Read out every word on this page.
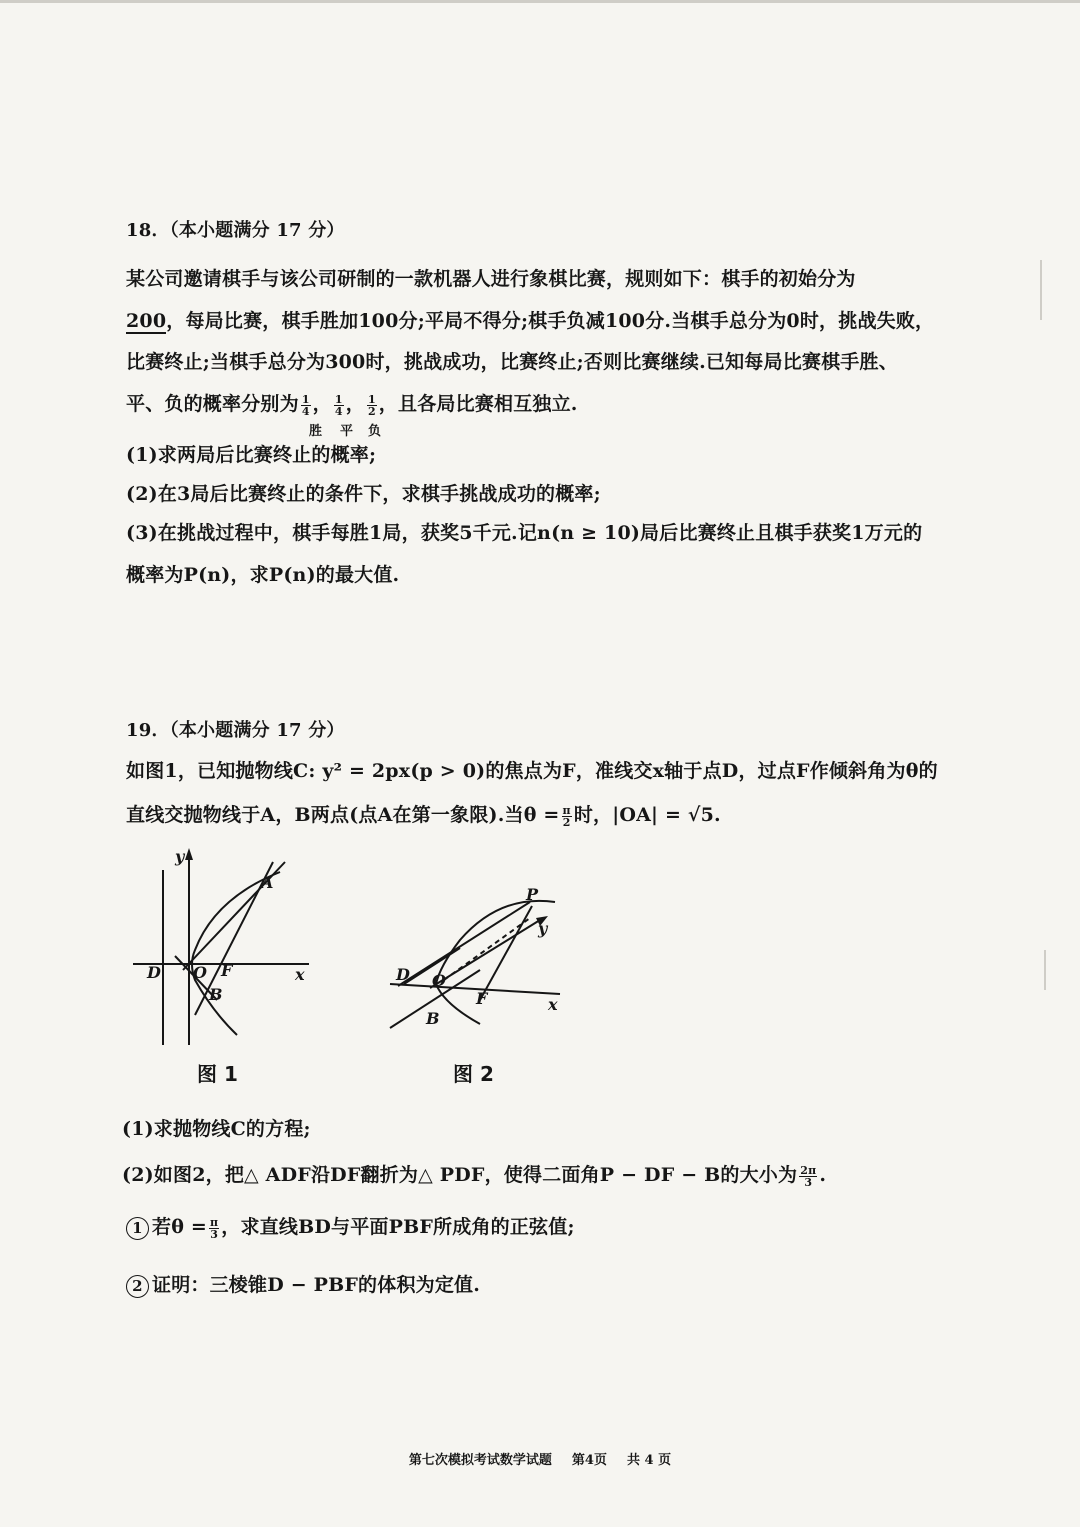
18．（本小题满分 17 分）
某公司邀请棋手与该公司研制的一款机器人进行象棋比赛，规则如下：棋手的初始分为
200，每局比赛，棋手胜加100分;平局不得分;棋手负减100分.当棋手总分为0时，挑战失败，
比赛终止;当棋手总分为300时，挑战成功，比赛终止;否则比赛继续.已知每局比赛棋手胜、
平、负的概率分别为 $\frac{1}{4}$ ， $\frac{1}{4}$ ， $\frac{1}{2}$ ，且各局比赛相互独立.
胜 平 负
(1)求两局后比赛终止的概率;
(2)在3局后比赛终止的条件下，求棋手挑战成功的概率;
(3)在挑战过程中，棋手每胜1局，获奖5千元.记n(n ≥ 10)局后比赛终止且棋手获奖1万元的
概率为P(n)，求P(n)的最大值.
19．（本小题满分 17 分）
如图1，已知抛物线C: y² = 2px(p > 0)的焦点为F，准线交x轴于点D，过点F作倾斜角为θ的
直线交抛物线于A，B两点(点A在第一象限).当$\theta = \frac{\pi}{2}$ 时，|OA| = √5.
y
A
D O F
B
x
图 1
P
y
D O
F
B
x
图 2
(1)求抛物线C的方程;
(2)如图2，把△ ADF沿DF翻折为△ PDF，使得二面角P − DF − B的大小为 $\frac{2\pi}{3}$ .
1 若$\theta = \frac{\pi}{3}$ ，求直线BD与平面PBF所成角的正弦值;
2 证明：三棱锥D − PBF的体积为定值.
第七次模拟考试数学试题 第4页 共 4 页
